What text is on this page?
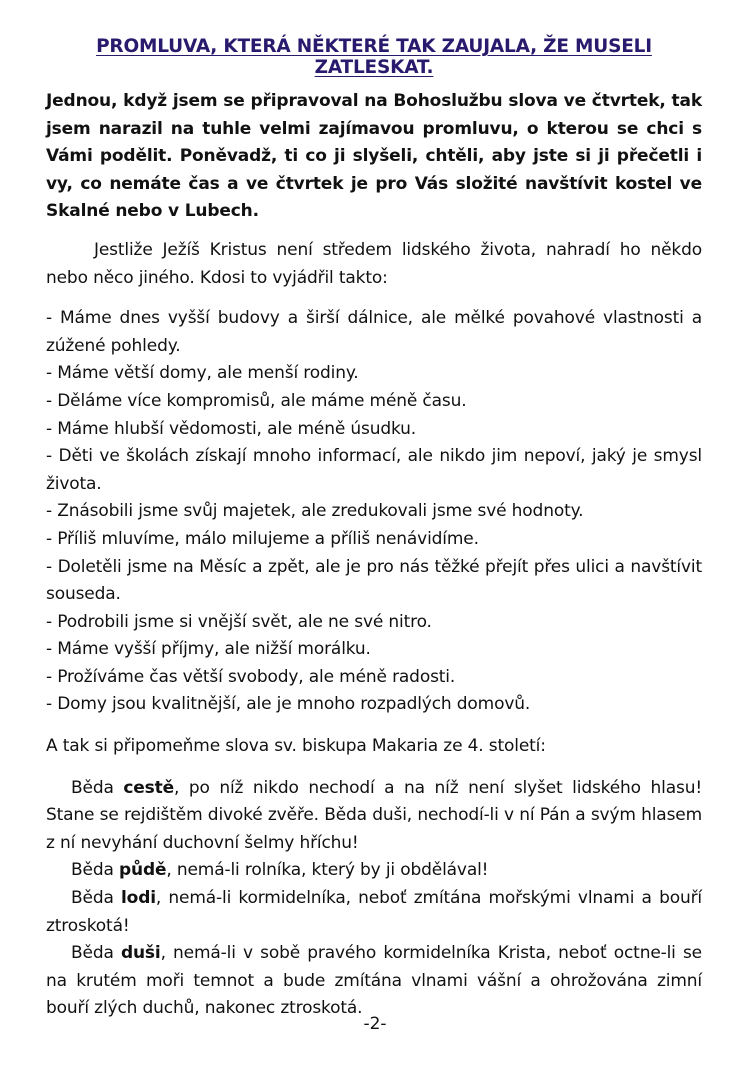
PROMLUVA, KTERÁ NĚKTERÉ TAK ZAUJALA, ŽE MUSELI ZATLESKAT.

Jednou, když jsem se připravoval na Bohoslužbu slova ve čtvrtek, tak jsem narazil na tuhle velmi zajímavou promluvu, o kterou se chci s Vámi podělit. Poněvadž, ti co ji slyšeli, chtěli, aby jste si ji přečetli i vy, co nemáte čas a ve čtvrtek je pro Vás složité navštívit kostel ve Skalné nebo v Lubech.

Jestliže Ježíš Kristus není středem lidského života, nahradí ho někdo nebo něco jiného. Kdosi to vyjádřil takto:

- Máme dnes vyšší budovy a širší dálnice, ale mělké povahové vlastnosti a zúžené pohledy.
- Máme větší domy, ale menší rodiny.
- Děláme více kompromisů, ale máme méně času.
- Máme hlubší vědomosti, ale méně úsudku.
- Děti ve školách získají mnoho informací, ale nikdo jim nepoví, jaký je smysl života.
- Znásobili jsme svůj majetek, ale zredukovali jsme své hodnoty.
- Příliš mluvíme, málo milujeme a příliš nenávidíme.
- Doletěli jsme na Měsíc a zpět, ale je pro nás těžké přejít přes ulici a navštívit souseda.
- Podrobili jsme si vnější svět, ale ne své nitro.
- Máme vyšší příjmy, ale nižší morálku.
- Prožíváme čas větší svobody, ale méně radosti.
- Domy jsou kvalitnější, ale je mnoho rozpadlých domovů.

A tak si připomeňme slova sv. biskupa Makaria ze 4. století:

Běda cestě, po níž nikdo nechodí a na níž není slyšet lidského hlasu! Stane se rejdištěm divoké zvěře. Běda duši, nechodí-li v ní Pán a svým hlasem z ní nevyhání duchovní šelmy hříchu!

Běda půdě, nemá-li rolníka, který by ji obdělával!

Běda lodi, nemá-li kormidelníka, neboť zmítána mořskými vlnami a bouří ztroskotá!

Běda duši, nemá-li v sobě pravého kormidelníka Krista, neboť octne-li se na krutém moři temnot a bude zmítána vlnami vášní a ohrožována zimní bouří zlých duchů, nakonec ztroskotá.

-2-
